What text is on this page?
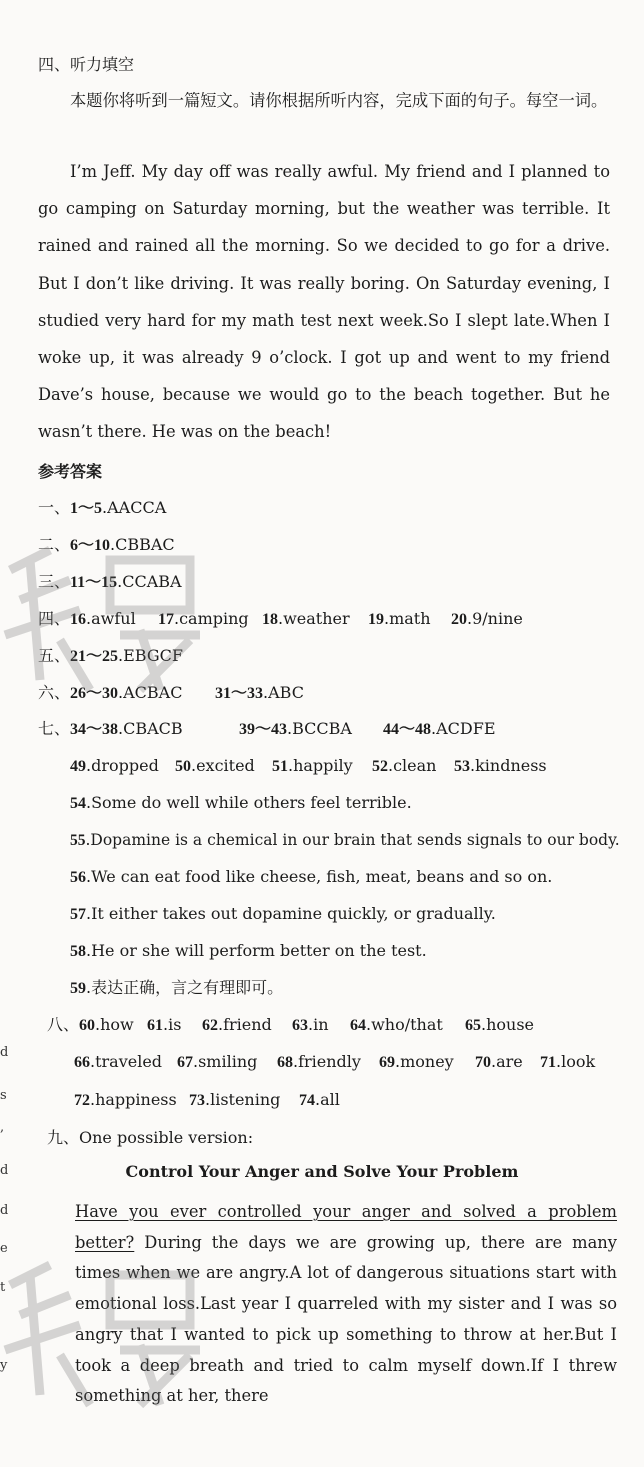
四、听力填空
本题你将听到一篇短文。请你根据所听内容，完成下面的句子。每空一词。
I’m Jeff. My day off was really awful. My friend and I planned to go camping on Saturday morning, but the weather was terrible. It rained and rained all the morning. So we decided to go for a drive. But I don’t like driving. It was really boring. On Saturday evening, I studied very hard for my math test next week.So I slept late.When I woke up, it was already 9 o’clock. I got up and went to my friend Dave’s house, because we would go to the beach together. But he wasn’t there. He was on the beach!
参考答案
一、1～5.AACCA
二、6～10.CBBAC
三、11～15.CCABA
四、16.awful 17.camping 18.weather 19.math 20.9/nine
五、21～25.EBGCF
六、26～30.ACBAC 31～33.ABC
七、34～38.CBACB	39～43.BCCBA 44～48.ACDFE
49.dropped 50.excited 51.happily 52.clean 53.kindness
54.Some do well while others feel terrible.
55.Dopamine is a chemical in our brain that sends signals to our body.
56.We can eat food like cheese, fish, meat, beans and so on.
57.It either takes out dopamine quickly, or gradually.
58.He or she will perform better on the test.
59.表达正确，言之有理即可。
八、60.how 61.is 62.friend 63.in 64.who/that 65.house
66.traveled 67.smiling 68.friendly 69.money 70.are 71.look
72.happiness 73.listening 74.all
九、One possible version:
Control Your Anger and Solve Your Problem
Have you ever controlled your anger and solved a problem better? During the days we are growing up, there are many times when we are angry.A lot of dangerous situations start with emotional loss.Last year I quarreled with my sister and I was so angry that I wanted to pick up something to throw at her.But I took a deep breath and tried to calm myself down.If I threw something at her, there
d
s
,
d
d
e
t
y
